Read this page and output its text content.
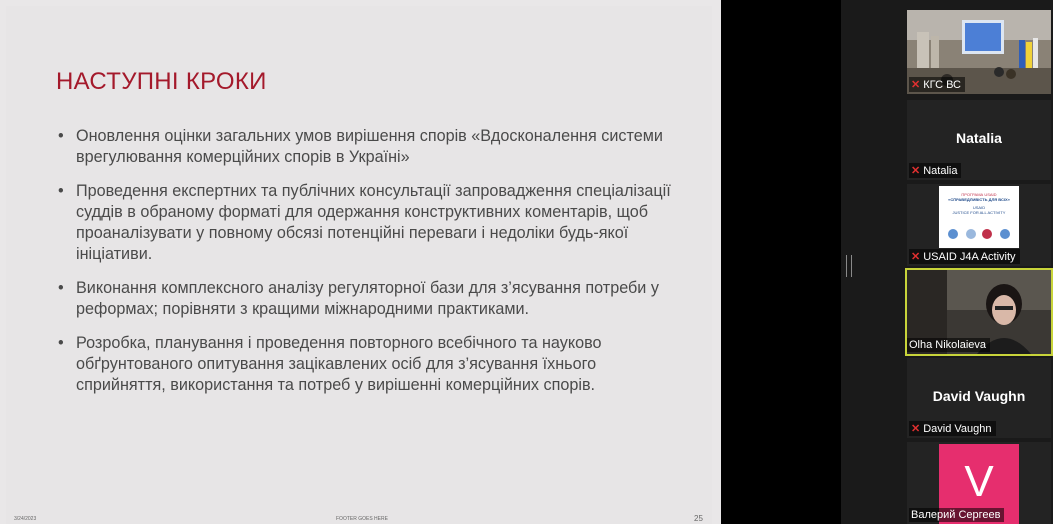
НАСТУПНІ КРОКИ
• Оновлення оцінки загальних умов вирішення спорів «Вдосконалення системи врегулювання комерційних спорів в Україні»
• Проведення експертних та публічних консультації запровадження спеціалізації суддів в обраному форматі для одержання конструктивних коментарів, щоб проаналізувати у повному обсязі потенційні переваги і недоліки будь-якої ініціативи.
• Виконання комплексного аналізу регуляторної бази для з’ясування потреби у реформах; порівняти з кращими міжнародними практиками.
• Розробка, планування і проведення повторного всебічного та науково обґрунтованого опитування зацікавлених осіб для з’ясування їхнього сприйняття, використання та потреб у вирішенні комерційних спорів.
3/24/2023	FOOTER GOES HERE	25
✕ КГС ВС
Natalia
✕ Natalia
ПРОГРАМА USAID
«СПРАВЕДЛИВІСТЬ ДЛЯ ВСІХ»
USAID
JUSTICE FOR ALL ACTIVITY
✕ USAID J4A Activity
Olha Nikolaieva
David Vaughn
✕ David Vaughn
V
Валерий Сергеев
